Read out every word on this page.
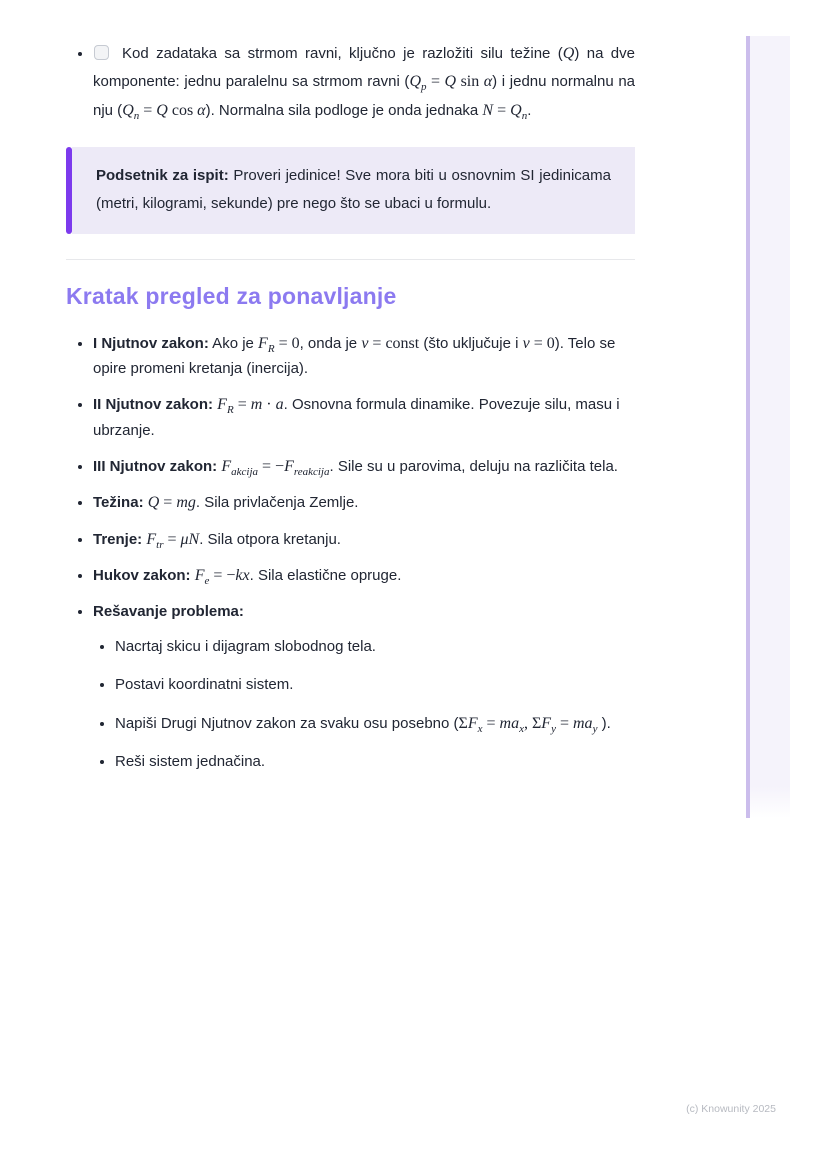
• Kod zadataka sa strmom ravni, ključno je razložiti silu težine (Q) na dve komponente: jednu paralelnu sa strmom ravni ($Q_p = Q$ sin α) i jednu normalnu na nju ($Q_n = Q$ cos α). Normalna sila podloge je onda jednaka $N = Q_n$.
Podsetnik za ispit: Proveri jedinice! Sve mora biti u osnovnim SI jedinicama (metri, kilogrami, sekunde) pre nego što se ubaci u formulu.
Kratak pregled za ponavljanje
• I Njutnov zakon: Ako je $F_R = 0$, onda je v = const (što uključuje i v = 0). Telo se opire promeni kretanja (inercija).
• II Njutnov zakon: $F_R = m \cdot a$. Osnovna formula dinamike. Povezuje silu, masu i ubrzanje.
• III Njutnov zakon: $F_{akcija} = -F_{reakcija}$. Sile su u parovima, deluju na različita tela.
• Težina: Q = mg. Sila privlačenja Zemlje.
• Trenje: $F_{tr} = \mu N$. Sila otpora kretanju.
• Hukov zakon: $F_e = -kx$. Sila elastične opruge.
• Rešavanje problema:
• Nacrtaj skicu i dijagram slobodnog tela.
• Postavi koordinatni sistem.
• Napiši Drugi Njutnov zakon za svaku osu posebno ($\Sigma F_x = ma_x$, $\Sigma F_y = ma_y$ ).
• Reši sistem jednačina.
(c) Knowunity 2025
